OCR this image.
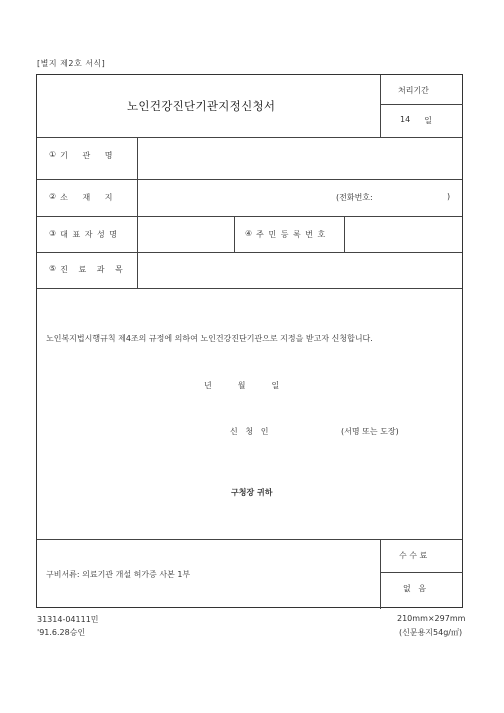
[별지 제2호 서식]
노인건강진단기관지정신청서
처리기간
14 일
① 기 관 명
② 소 재 지	(전화번호:	)
③ 대 표 자 성 명	④ 주 민 등 록 번 호
⑤ 진 료 과 목
노인복지법시행규칙 제4조의 규정에 의하여 노인건강진단기관으로 지정을 받고자 신청합니다.
년	월	일
신   청   인	(서명 또는 도장)
구청장 귀하
구비서류: 의료기관 개설 허가증 사본 1부
수 수 료
없   음
31314-04111민
'91.6.28승인
210mm×297mm
(신문용지54g/㎡)
